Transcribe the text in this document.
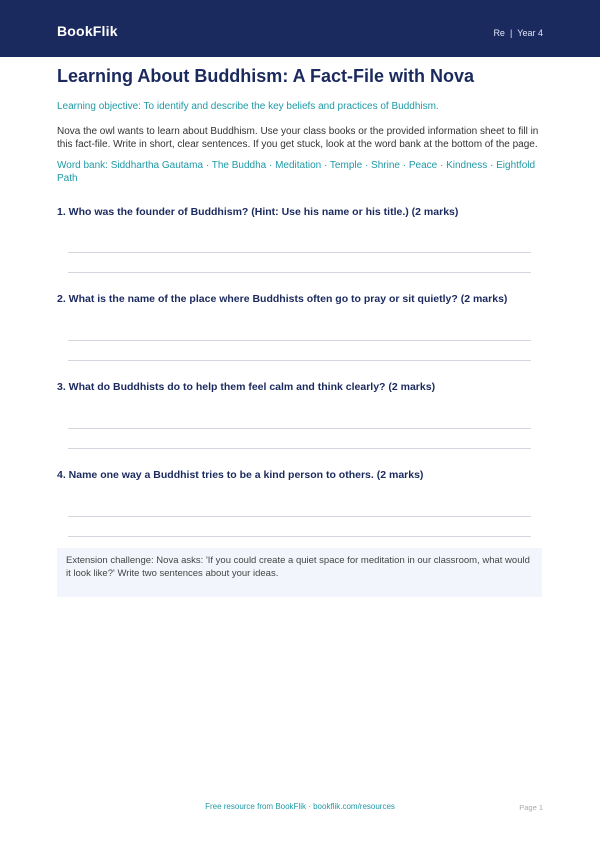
BookFlik	Re | Year 4
Learning About Buddhism: A Fact-File with Nova
Learning objective: To identify and describe the key beliefs and practices of Buddhism.
Nova the owl wants to learn about Buddhism. Use your class books or the provided information sheet to fill in this fact-file. Write in short, clear sentences. If you get stuck, look at the word bank at the bottom of the page.
Word bank: Siddhartha Gautama · The Buddha · Meditation · Temple · Shrine · Peace · Kindness · Eightfold Path
1. Who was the founder of Buddhism? (Hint: Use his name or his title.) (2 marks)
2. What is the name of the place where Buddhists often go to pray or sit quietly? (2 marks)
3. What do Buddhists do to help them feel calm and think clearly? (2 marks)
4. Name one way a Buddhist tries to be a kind person to others. (2 marks)
Extension challenge: Nova asks: 'If you could create a quiet space for meditation in our classroom, what would it look like?' Write two sentences about your ideas.
Free resource from BookFlik · bookflik.com/resources	Page 1
